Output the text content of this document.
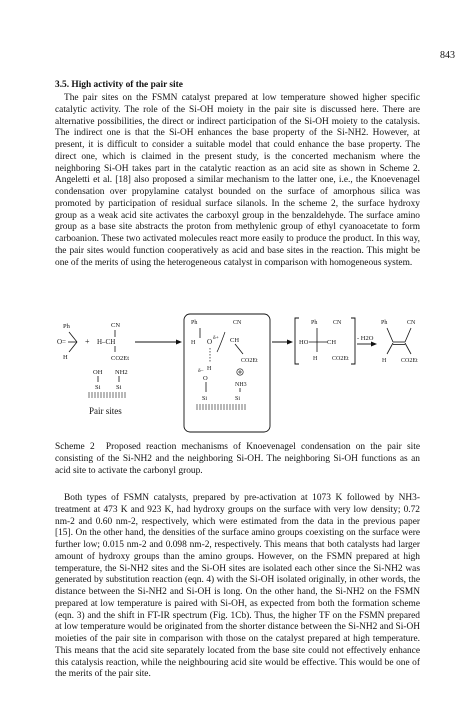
843
3.5. High activity of the pair site

The pair sites on the FSMN catalyst prepared at low temperature showed higher specific catalytic activity. The role of the Si-OH moiety in the pair site is discussed here. There are alternative possibilities, the direct or indirect participation of the Si-OH moiety to the catalysis. The indirect one is that the Si-OH enhances the base property of the Si-NH2. However, at present, it is difficult to consider a suitable model that could enhance the base property. The direct one, which is claimed in the present study, is the concerted mechanism where the neighboring Si-OH takes part in the catalytic reaction as an acid site as shown in Scheme 2. Angeletti et al. [18] also proposed a similar mechanism to the latter one, i.e., the Knoevenagel condensation over propylamine catalyst bounded on the surface of amorphous silica was promoted by participation of residual surface silanols. In the scheme 2, the surface hydroxy group as a weak acid site activates the carboxyl group in the benzaldehyde. The surface amino group as a base site abstracts the proton from methylenic group of ethyl cyanoacetate to form carboanion. These two activated molecules react more easily to produce the product. In this way, the pair sites would function cooperatively as acid and base sites in the reaction. This might be one of the merits of using the heterogeneous catalyst in comparison with homogeneous system.

Ph
O=
H
+
CN
H–CH
CO2Et
OH NH2
Si Si
Pair sites
Ph
H O δ+
CN
CH
CO2Et
δ– H
O
NH3
Si	Si
Ph	CN
HO	CH
H CO2Et
- H2O
Ph	CN
H CO2Et
Scheme 2 Proposed reaction mechanisms of Knoevenagel condensation on the pair site consisting of the Si-NH2 and the neighboring Si-OH. The neighboring Si-OH functions as an acid site to activate the carbonyl group.

Both types of FSMN catalysts, prepared by pre-activation at 1073 K followed by NH3-treatment at 473 K and 923 K, had hydroxy groups on the surface with very low density; 0.72 nm-2 and 0.60 nm-2, respectively, which were estimated from the data in the previous paper [15]. On the other hand, the densities of the surface amino groups coexisting on the surface were further low; 0.015 nm-2 and 0.098 nm-2, respectively. This means that both catalysts had larger amount of hydroxy groups than the amino groups. However, on the FSMN prepared at high temperature, the Si-NH2 sites and the Si-OH sites are isolated each other since the Si-NH2 was generated by substitution reaction (eqn. 4) with the Si-OH isolated originally, in other words, the distance between the Si-NH2 and Si-OH is long. On the other hand, the Si-NH2 on the FSMN prepared at low temperature is paired with Si-OH, as expected from both the formation scheme (eqn. 3) and the shift in FT-IR spectrum (Fig. 1Cb). Thus, the higher TF on the FSMN prepared at low temperature would be originated from the shorter distance between the Si-NH2 and Si-OH moieties of the pair site in comparison with those on the catalyst prepared at high temperature. This means that the acid site separately located from the base site could not effectively enhance this catalysis reaction, while the neighbouring acid site would be effective. This would be one of the merits of the pair site.
